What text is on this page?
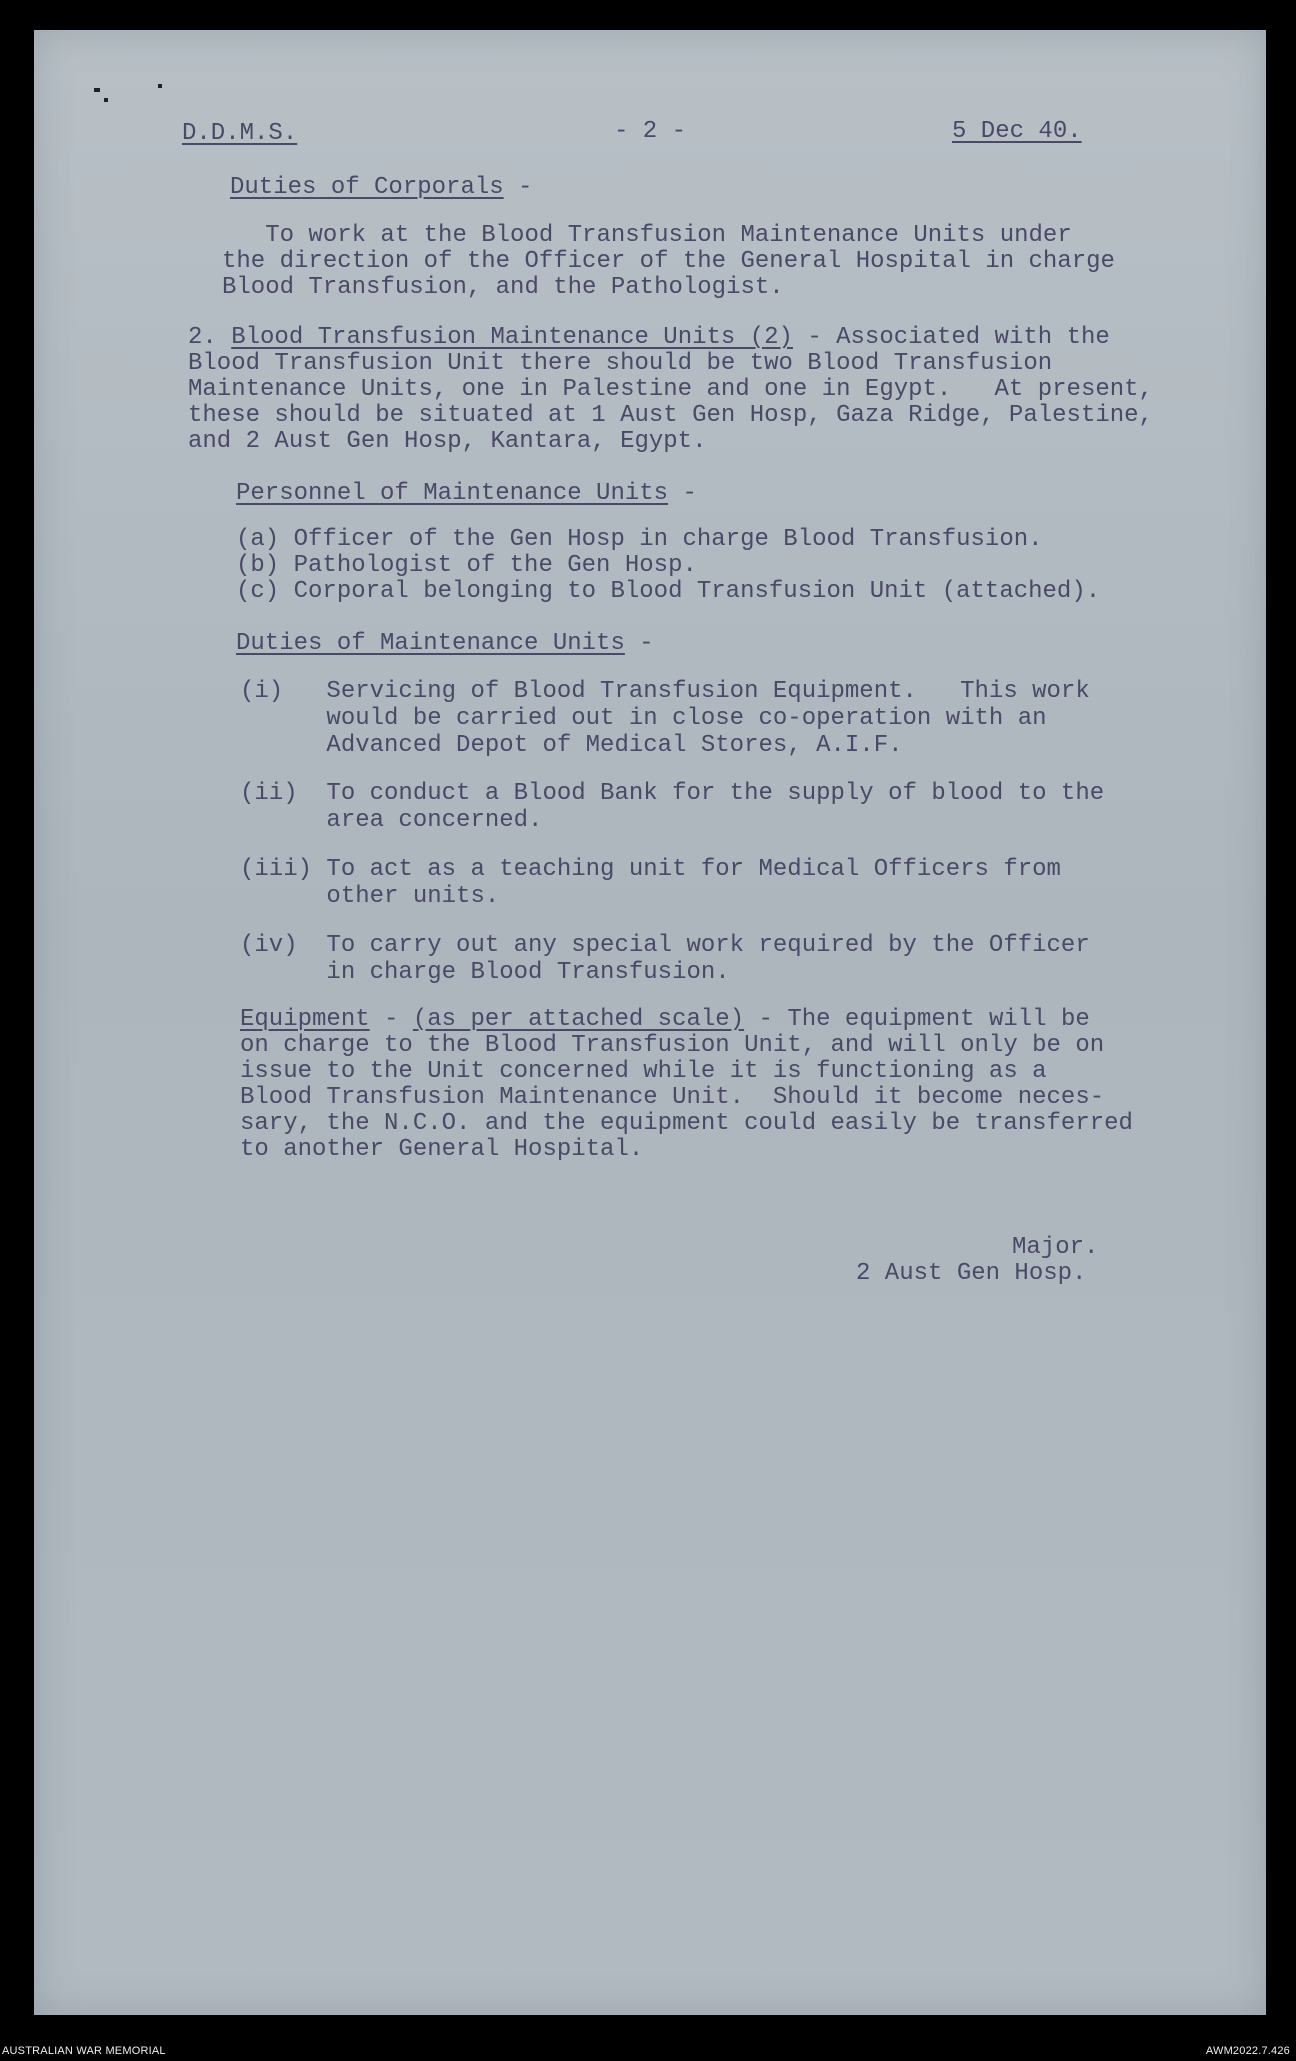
D.D.M.S.	- 2 -	5 Dec 40.

Duties of Corporals -

To work at the Blood Transfusion Maintenance Units under

the direction of the Officer of the General Hospital in charge

Blood Transfusion, and the Pathologist.

2. Blood Transfusion Maintenance Units (2) - Associated with the

Blood Transfusion Unit there should be two Blood Transfusion

Maintenance Units, one in Palestine and one in Egypt.   At present,

these should be situated at 1 Aust Gen Hosp, Gaza Ridge, Palestine,

and 2 Aust Gen Hosp, Kantara, Egypt.

Personnel of Maintenance Units -

(a) Officer of the Gen Hosp in charge Blood Transfusion.

(b) Pathologist of the Gen Hosp.

(c) Corporal belonging to Blood Transfusion Unit (attached).

Duties of Maintenance Units -

(i)   Servicing of Blood Transfusion Equipment.   This work
would be carried out in close co-operation with an
Advanced Depot of Medical Stores, A.I.F.

(ii)  To conduct a Blood Bank for the supply of blood to the
area concerned.

(iii) To act as a teaching unit for Medical Officers from
other units.

(iv)  To carry out any special work required by the Officer
in charge Blood Transfusion.

Equipment - (as per attached scale) - The equipment will be

on charge to the Blood Transfusion Unit, and will only be on

issue to the Unit concerned while it is functioning as a

Blood Transfusion Maintenance Unit.  Should it become neces-

sary, the N.C.O. and the equipment could easily be transferred

to another General Hospital.

Major.

2 Aust Gen Hosp.

AUSTRALIAN WAR MEMORIAL	AWM2022.7.426
